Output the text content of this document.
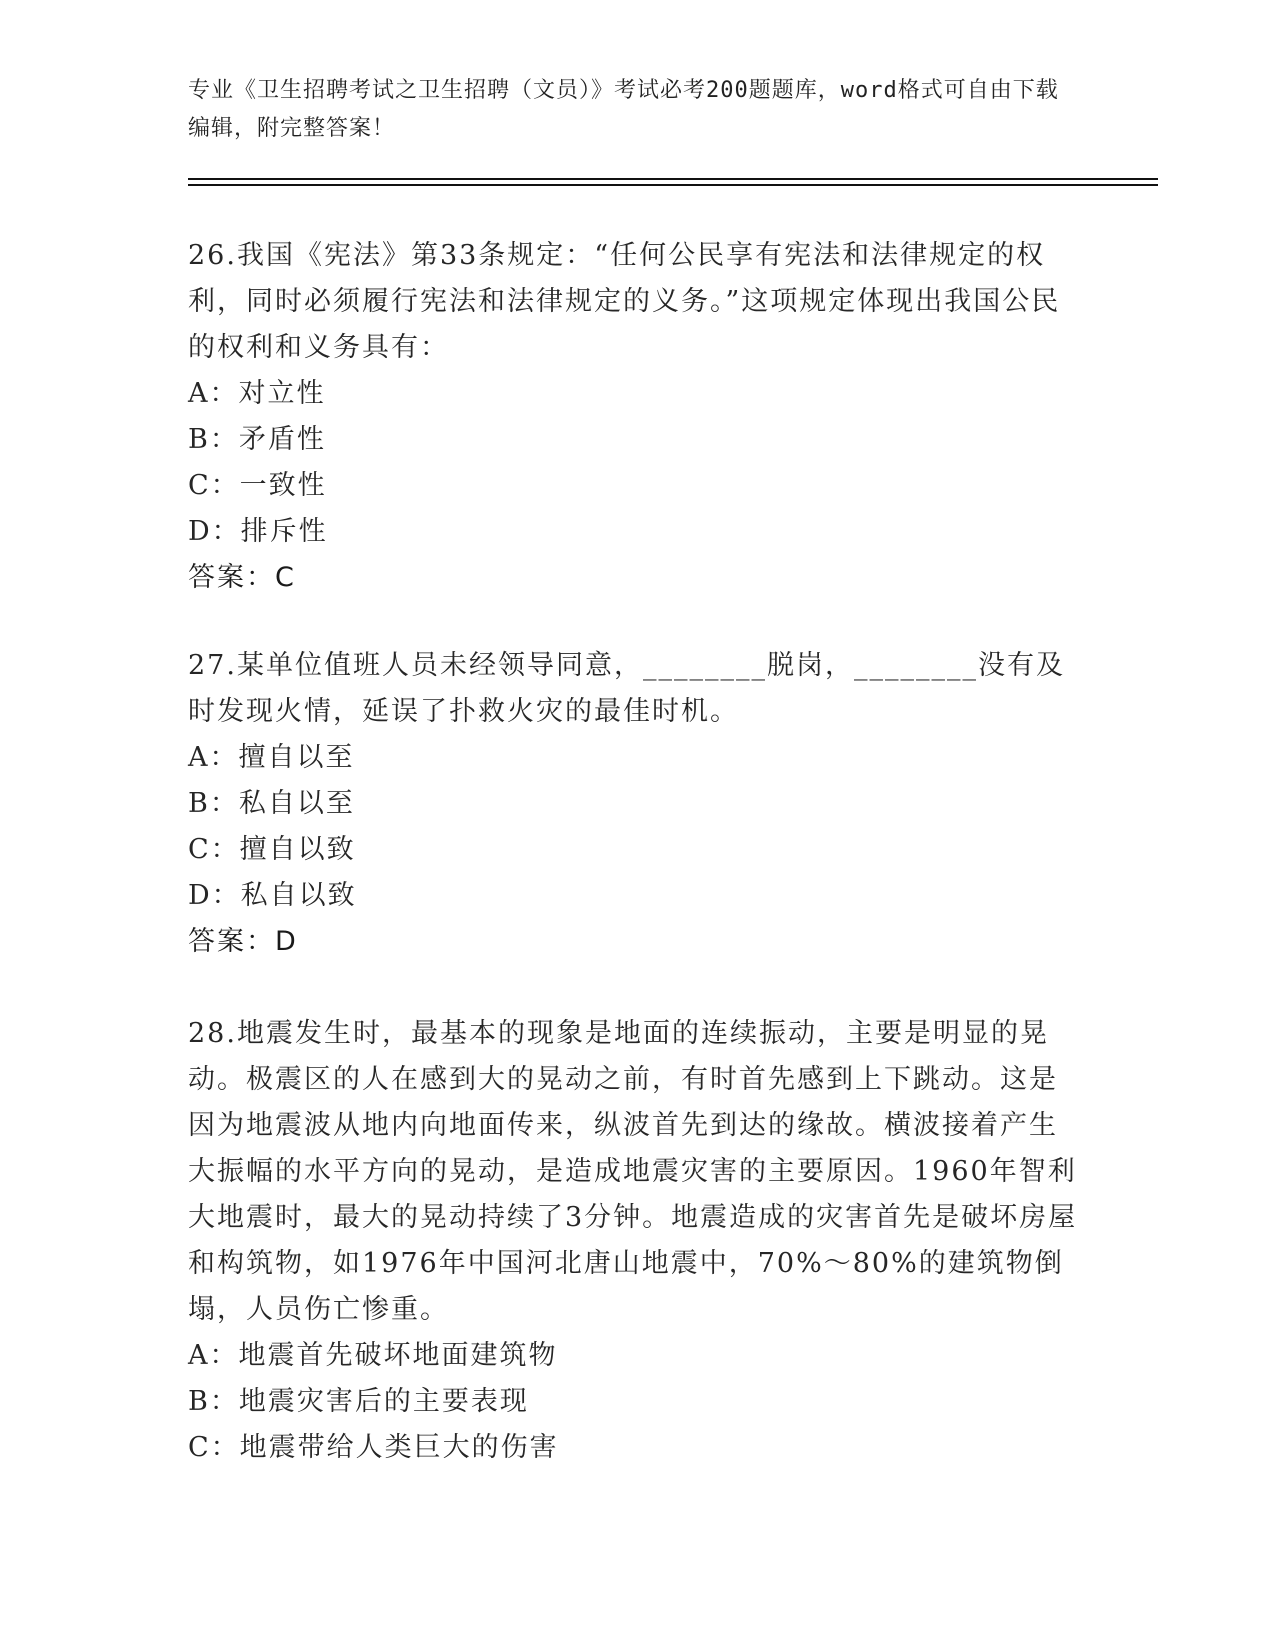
专业《卫生招聘考试之卫生招聘（文员）》考试必考200题题库，word格式可自由下载编辑，附完整答案！

26.我国《宪法》第33条规定：“任何公民享有宪法和法律规定的权利，同时必须履行宪法和法律规定的义务。”这项规定体现出我国公民的权利和义务具有：

A：对立性

B：矛盾性

C：一致性

D：排斥性

答案：C

27.某单位值班人员未经领导同意，________脱岗，________没有及时发现火情，延误了扑救火灾的最佳时机。

A：擅自以至

B：私自以至

C：擅自以致

D：私自以致

答案：D

28.地震发生时，最基本的现象是地面的连续振动，主要是明显的晃动。极震区的人在感到大的晃动之前，有时首先感到上下跳动。这是因为地震波从地内向地面传来，纵波首先到达的缘故。横波接着产生大振幅的水平方向的晃动，是造成地震灾害的主要原因。1960年智利大地震时，最大的晃动持续了3分钟。地震造成的灾害首先是破坏房屋和构筑物，如1976年中国河北唐山地震中，70%～80%的建筑物倒塌，人员伤亡惨重。

A：地震首先破坏地面建筑物

B：地震灾害后的主要表现

C：地震带给人类巨大的伤害
